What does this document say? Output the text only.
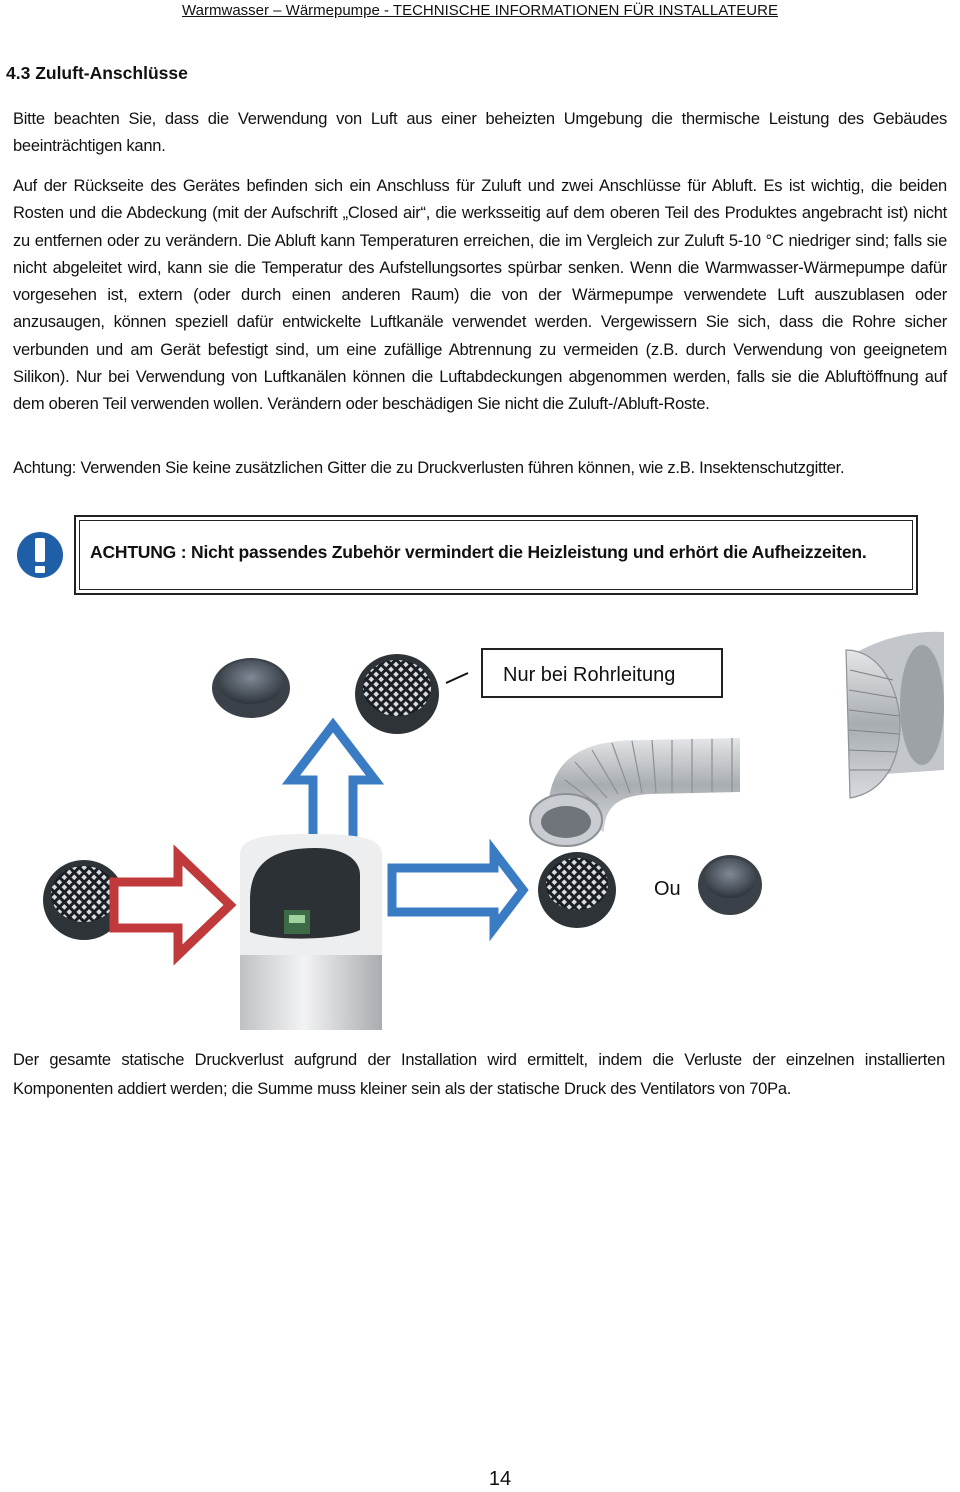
Warmwasser – Wärmepumpe - TECHNISCHE INFORMATIONEN FÜR INSTALLATEURE
4.3 Zuluft-Anschlüsse
Bitte beachten Sie, dass die Verwendung von Luft aus einer beheizten Umgebung die thermische Leistung des Gebäudes beeinträchtigen kann.
Auf der Rückseite des Gerätes befinden sich ein Anschluss für Zuluft und zwei Anschlüsse für Abluft. Es ist wichtig, die beiden Rosten und die Abdeckung (mit der Aufschrift „Closed air“, die werksseitig auf dem oberen Teil des Produktes angebracht ist) nicht zu entfernen oder zu verändern. Die Abluft kann Temperaturen erreichen, die im Vergleich zur Zuluft 5-10 °C niedriger sind; falls sie nicht abgeleitet wird, kann sie die Temperatur des Aufstellungsortes spürbar senken. Wenn die Warmwasser-Wärmepumpe dafür vorgesehen ist, extern (oder durch einen anderen Raum) die von der Wärmepumpe verwendete Luft auszublasen oder anzusaugen, können speziell dafür entwickelte Luftkanäle verwendet werden. Vergewissern Sie sich, dass die Rohre sicher verbunden und am Gerät befestigt sind, um eine zufällige Abtrennung zu vermeiden (z.B. durch Verwendung von geeignetem Silikon). Nur bei Verwendung von Luftkanälen können die Luftabdeckungen abgenommen werden, falls sie die Abluftöffnung auf dem oberen Teil verwenden wollen. Verändern oder beschädigen Sie nicht die Zuluft-/Abluft-Roste.
Achtung: Verwenden Sie keine zusätzlichen Gitter die zu Druckverlusten führen können, wie z.B. Insektenschutzgitter.
ACHTUNG : Nicht passendes Zubehör vermindert die Heizleistung und erhört die Aufheizzeiten.
Nur bei Rohrleitung
Ou
Der gesamte statische Druckverlust aufgrund der Installation wird ermittelt, indem die Verluste der einzelnen installierten Komponenten addiert werden; die Summe muss kleiner sein als der statische Druck des Ventilators von 70Pa.
14
